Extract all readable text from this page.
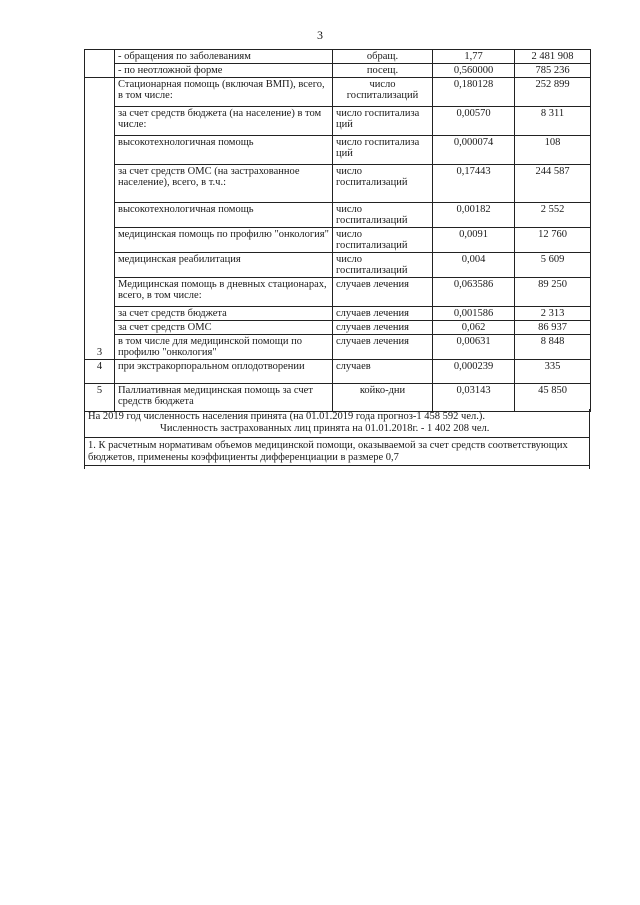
3
	- обращения по заболеваниям	обращ.	1,77	2 481 908
	- по неотложной форме	посещ.	0,560000	785 236
3	Стационарная помощь (включая ВМП), всего, в том числе:	число госпитализаций	0,180128	252 899
	за счет средств бюджета (на население) в том числе:	число госпитализа ций	0,00570	8 311
	высокотехнологичная помощь	число госпитализа ций	0,000074	108
	за счет средств ОМС (на застрахованное население), всего, в т.ч.:	число госпитализаций	0,17443	244 587
	высокотехнологичная помощь	число госпитализаций	0,00182	2 552
	медицинская помощь по профилю "онкология"	число госпитализаций	0,0091	12 760
	медицинская реабилитация	число госпитализаций	0,004	5 609
	Медицинская помощь в дневных стационарах, всего, в том числе:	случаев лечения	0,063586	89 250
	за счет средств бюджета	случаев лечения	0,001586	2 313
	за счет средств ОМС	случаев лечения	0,062	86 937
	в том числе для медицинской помощи по профилю "онкология"	случаев лечения	0,00631	8 848
4	при экстракорпоральном оплодотворении	случаев	0,000239	335
5	Паллиативная медицинская помощь за счет средств бюджета	койко-дни	0,03143	45 850
На 2019 год численность населения принята (на 01.01.2019 года прогноз-1 458 592 чел.).
Численность застрахованных лиц принята на 01.01.2018г. - 1 402 208 чел.
1. К расчетным нормативам объемов медицинской помощи, оказываемой за счет средств соответствующих бюджетов, применены коэффициенты дифференциации в размере 0,7
